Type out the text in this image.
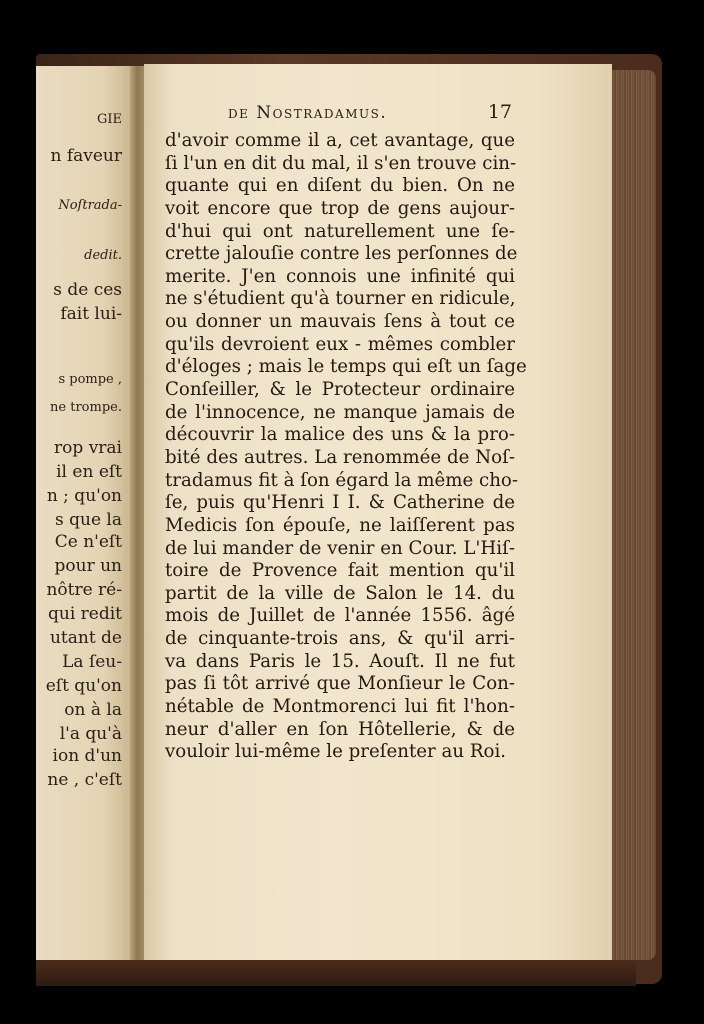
GIE
n faveur
Noſtrada-
dedit.
s de ces
fait lui-
s pompe ,
ne trompe.
rop vrai
il en eſt
n ; qu'on
s que la
Ce n'eſt
pour un
nôtre ré-
qui redit
utant de
La ſeu-
eſt qu'on
on à la
l'a qu'à
ion d'un
ne , c'eſt
de Nostradamus.	17
d'avoir comme il a, cet avantage, que
ſi l'un en dit du mal, il s'en trouve cin-
quante qui en diſent du bien. On ne
voit encore que trop de gens aujour-
d'hui qui ont naturellement une ſe-
crette jalouſie contre les perſonnes de
merite. J'en connois une infinité qui
ne s'étudient qu'à tourner en ridicule,
ou donner un mauvais ſens à tout ce
qu'ils devroient eux - mêmes combler
d'éloges ; mais le temps qui eſt un ſage
Conſeiller, & le Protecteur ordinaire
de l'innocence, ne manque jamais de
découvrir la malice des uns & la pro-
bité des autres. La renommée de Noſ-
tradamus fit à ſon égard la même cho-
ſe, puis qu'Henri I I. & Catherine de
Medicis ſon épouſe, ne laiſſerent pas
de lui mander de venir en Cour. L'Hiſ-
toire de Provence fait mention qu'il
partit de la ville de Salon le 14. du
mois de Juillet de l'année 1556. âgé
de cinquante-trois ans, & qu'il arri-
va dans Paris le 15. Aouſt. Il ne fut
pas ſi tôt arrivé que Monſieur le Con-
nétable de Montmorenci lui fit l'hon-
neur d'aller en ſon Hôtellerie, & de
vouloir lui-même le preſenter au Roi.
